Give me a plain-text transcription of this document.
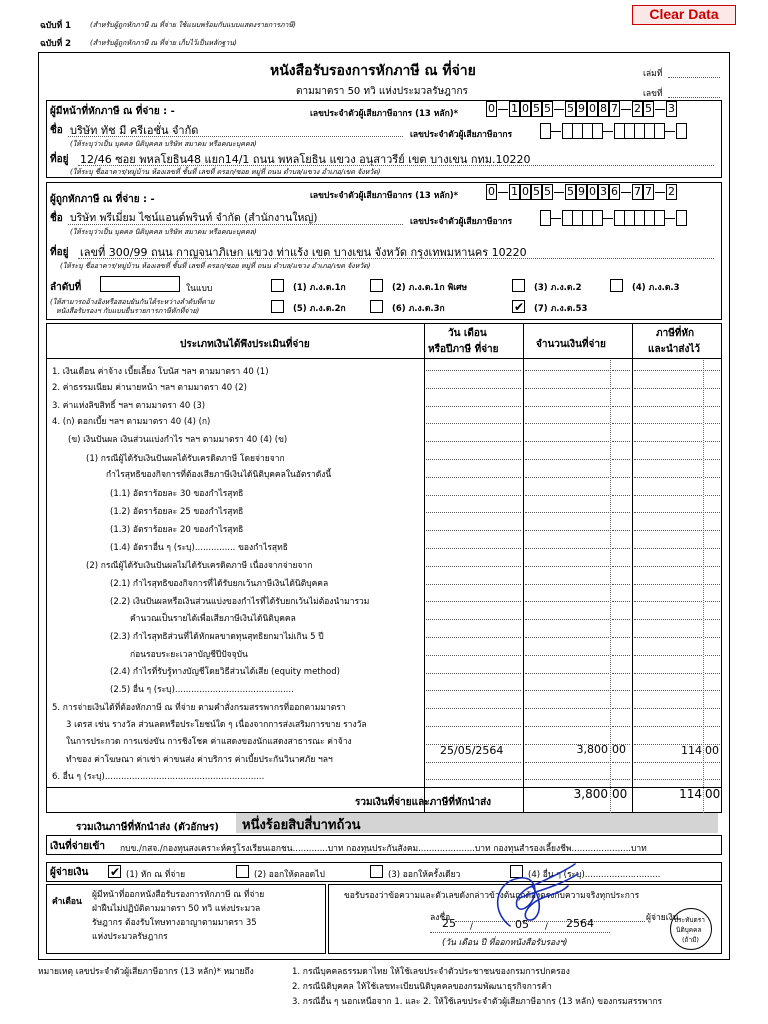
ฉบับที่ 1	(สำหรับผู้ถูกหักภาษี ณ ที่จ่าย ใช้แนบพร้อมกับแบบแสดงรายการภาษี)
ฉบับที่ 2	(สำหรับผู้ถูกหักภาษี ณ ที่จ่าย เก็บไว้เป็นหลักฐาน)
Clear Data
หนังสือรับรองการหักภาษี ณ ที่จ่าย
ตามมาตรา 50 ทวิ แห่งประมวลรัษฎากร
เล่มที่
เลขที่
ผู้มีหน้าที่หักภาษี ณ ที่จ่าย : -	เลขประจำตัวผู้เสียภาษีอากร (13 หลัก)*	0 1 0 5 5 5 9 0 8 7 2 5 3
ชื่อ บริษัท ทัช มี ครีเอชั่น จำกัด
(ให้ระบุว่าเป็น บุคคล นิติบุคคล บริษัท สมาคม หรือคณะบุคคล)
เลขประจำตัวผู้เสียภาษีอากร
ที่อยู่ 12/46 ซอย พหลโยธิน48 แยก14/1 ถนน พหลโยธิน แขวง อนุสาวรีย์ เขต บางเขน กทม.10220
(ให้ระบุ ชื่ออาคาร/หมู่บ้าน ห้องเลขที่ ชั้นที่ เลขที่ ตรอก/ซอย หมู่ที่ ถนน ตำบล/แขวง อำเภอ/เขต จังหวัด)
ผู้ถูกหักภาษี ณ ที่จ่าย : -	เลขประจำตัวผู้เสียภาษีอากร (13 หลัก)*	0 1 0 5 5 5 9 0 3 6 7 7 2
ชื่อ บริษัท พรีเมี่ยม ไซน์แอนด์พรินท์ จำกัด (สำนักงานใหญ่)
(ให้ระบุว่าเป็น บุคคล นิติบุคคล บริษัท สมาคม หรือคณะบุคคล)
เลขประจำตัวผู้เสียภาษีอากร
ที่อยู่ เลขที่ 300/99 ถนน กาญจนาภิเษก แขวง ท่าแร้ง เขต บางเขน จังหวัด กรุงเทพมหานคร 10220
(ให้ระบุ ชื่ออาคาร/หมู่บ้าน ห้องเลขที่ ชั้นที่ เลขที่ ตรอก/ซอย หมู่ที่ ถนน ตำบล/แขวง อำเภอ/เขต จังหวัด)
ลำดับที่	ในแบบ
(ให้สามารถอ้างอิงหรือสอบยันกันได้ระหว่างลำดับที่ตาม
หนังสือรับรองฯ กับแบบยื่นรายการภาษีหักที่จ่าย)
(1) ภ.ง.ด.1ก	(2) ภ.ง.ด.1ก พิเศษ	(3) ภ.ง.ด.2	(4) ภ.ง.ด.3
(5) ภ.ง.ด.2ก	(6) ภ.ง.ด.3ก	✔ (7) ภ.ง.ด.53
ประเภทเงินได้พึงประเมินที่จ่าย
วัน เดือน
หรือปีภาษี ที่จ่าย	จำนวนเงินที่จ่าย
ภาษีที่หัก
และนำส่งไว้
1. เงินเดือน ค่าจ้าง เบี้ยเลี้ยง โบนัส ฯลฯ ตามมาตรา 40 (1)
2. ค่าธรรมเนียม ค่านายหน้า ฯลฯ ตามมาตรา 40 (2)
3. ค่าแห่งลิขสิทธิ์ ฯลฯ ตามมาตรา 40 (3)
4. (ก) ดอกเบี้ย ฯลฯ ตามมาตรา 40 (4) (ก)
(ข) เงินปันผล เงินส่วนแบ่งกำไร ฯลฯ ตามมาตรา 40 (4) (ข)
(1) กรณีผู้ได้รับเงินปันผลได้รับเครดิตภาษี โดยจ่ายจาก
กำไรสุทธิของกิจการที่ต้องเสียภาษีเงินได้นิติบุคคลในอัตราดังนี้
(1.1) อัตราร้อยละ 30 ของกำไรสุทธิ
(1.2) อัตราร้อยละ 25 ของกำไรสุทธิ
(1.3) อัตราร้อยละ 20 ของกำไรสุทธิ
(1.4) อัตราอื่น ๆ (ระบุ)............... ของกำไรสุทธิ
(2) กรณีผู้ได้รับเงินปันผลไม่ได้รับเครดิตภาษี เนื่องจากจ่ายจาก
(2.1) กำไรสุทธิของกิจการที่ได้รับยกเว้นภาษีเงินได้นิติบุคคล
(2.2) เงินปันผลหรือเงินส่วนแบ่งของกำไรที่ได้รับยกเว้นไม่ต้องนำมารวม
คำนวณเป็นรายได้เพื่อเสียภาษีเงินได้นิติบุคคล
(2.3) กำไรสุทธิส่วนที่ได้หักผลขาดทุนสุทธิยกมาไม่เกิน 5 ปี
ก่อนรอบระยะเวลาบัญชีปีปัจจุบัน
(2.4) กำไรที่รับรู้ทางบัญชีโดยวิธีส่วนได้เสีย (equity method)
(2.5) อื่น ๆ (ระบุ)............................................
5. การจ่ายเงินได้ที่ต้องหักภาษี ณ ที่จ่าย ตามคำสั่งกรมสรรพากรที่ออกตามมาตรา
3 เตรส เช่น รางวัล ส่วนลดหรือประโยชน์ใด ๆ เนื่องจากการส่งเสริมการขาย รางวัล
ในการประกวด การแข่งขัน การชิงโชค ค่าแสดงของนักแสดงสาธารณะ ค่าจ้าง
ทำของ ค่าโฆษณา ค่าเช่า ค่าขนส่ง ค่าบริการ ค่าเบี้ยประกันวินาศภัย ฯลฯ
6. อื่น ๆ (ระบุ)...........................................................
25/05/2564	3,800 00	114 00
รวมเงินที่จ่ายและภาษีที่หักนำส่ง
3,800 00	114 00
รวมเงินภาษีที่หักนำส่ง (ตัวอักษร) หนึ่งร้อยสิบสี่บาทถ้วน
เงินที่จ่ายเข้า กบข./กสจ./กองทุนสงเคราะห์ครูโรงเรียนเอกชน.............บาท กองทุนประกันสังคม.....................บาท กองทุนสำรองเลี้ยงชีพ......................บาท
ผู้จ่ายเงิน ✔ (1) หัก ณ ที่จ่าย	(2) ออกให้ตลอดไป	(3) ออกให้ครั้งเดียว	(4) อื่น ๆ (ระบุ)............................
คำเตือน
ผู้มีหน้าที่ออกหนังสือรับรองการหักภาษี ณ ที่จ่าย
ฝ่าฝืนไม่ปฏิบัติตามมาตรา 50 ทวิ แห่งประมวล
รัษฎากร ต้องรับโทษทางอาญาตามมาตรา 35
แห่งประมวลรัษฎากร
ขอรับรองว่าข้อความและตัวเลขดังกล่าวข้างต้นถูกต้องตรงกับความจริงทุกประการ
ลงชื่อ	ผู้จ่ายเงิน
25 /	05 / 2564
(วัน เดือน ปี ที่ออกหนังสือรับรองฯ)
ประทับตรา
นิติบุคคล
(ถ้ามี)
หมายเหตุ เลขประจำตัวผู้เสียภาษีอากร (13 หลัก)* หมายถึง	1. กรณีบุคคลธรรมดาไทย ให้ใช้เลขประจำตัวประชาชนของกรมการปกครอง
2. กรณีนิติบุคคล ให้ใช้เลขทะเบียนนิติบุคคลของกรมพัฒนาธุรกิจการค้า
3. กรณีอื่น ๆ นอกเหนือจาก 1. และ 2. ให้ใช้เลขประจำตัวผู้เสียภาษีอากร (13 หลัก) ของกรมสรรพากร
